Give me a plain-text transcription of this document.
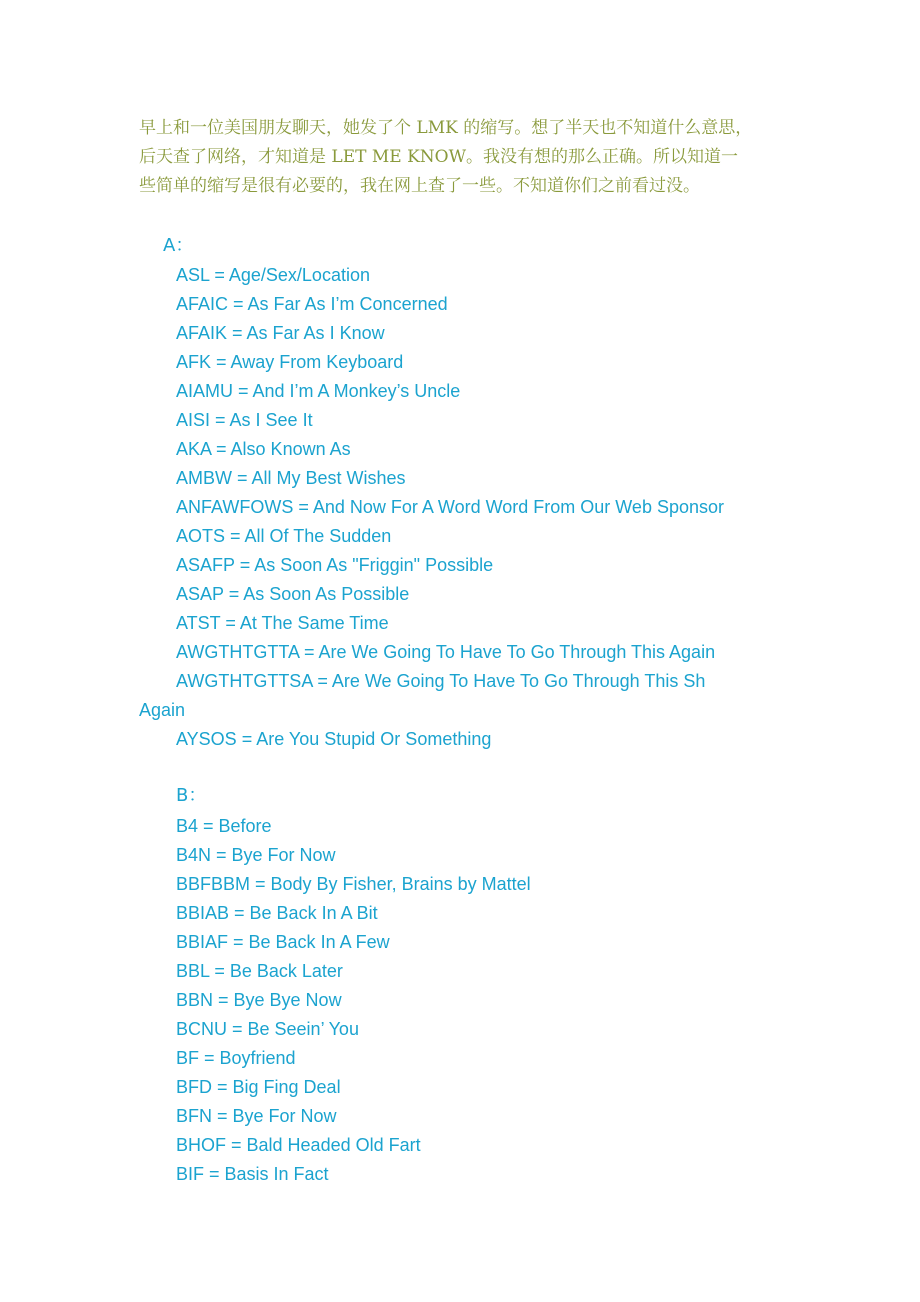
早上和一位美国朋友聊天，她发了个 LMK 的缩写。想了半天也不知道什么意思，

后天查了网络，才知道是 LET ME KNOW。我没有想的那么正确。所以知道一

些简单的缩写是很有必要的，我在网上查了一些。不知道你们之前看过没。

A：
ASL = Age/Sex/Location
AFAIC = As Far As I’m Concerned
AFAIK = As Far As I Know
AFK = Away From Keyboard
AIAMU = And I’m A Monkey’s Uncle
AISI = As I See It
AKA = Also Known As
AMBW = All My Best Wishes
ANFAWFOWS = And Now For A Word Word From Our Web Sponsor
AOTS = All Of The Sudden
ASAFP = As Soon As "Friggin" Possible
ASAP = As Soon As Possible
ATST = At The Same Time
AWGTHTGTTA = Are We Going To Have To Go Through This Again
AWGTHTGTTSA = Are We Going To Have To Go Through This Sh
Again
AYSOS = Are You Stupid Or Something
B：
B4 = Before
B4N = Bye For Now
BBFBBM = Body By Fisher, Brains by Mattel
BBIAB = Be Back In A Bit
BBIAF = Be Back In A Few
BBL = Be Back Later
BBN = Bye Bye Now
BCNU = Be Seein’ You
BF = Boyfriend
BFD = Big Fing Deal
BFN = Bye For Now
BHOF = Bald Headed Old Fart
BIF = Basis In Fact
